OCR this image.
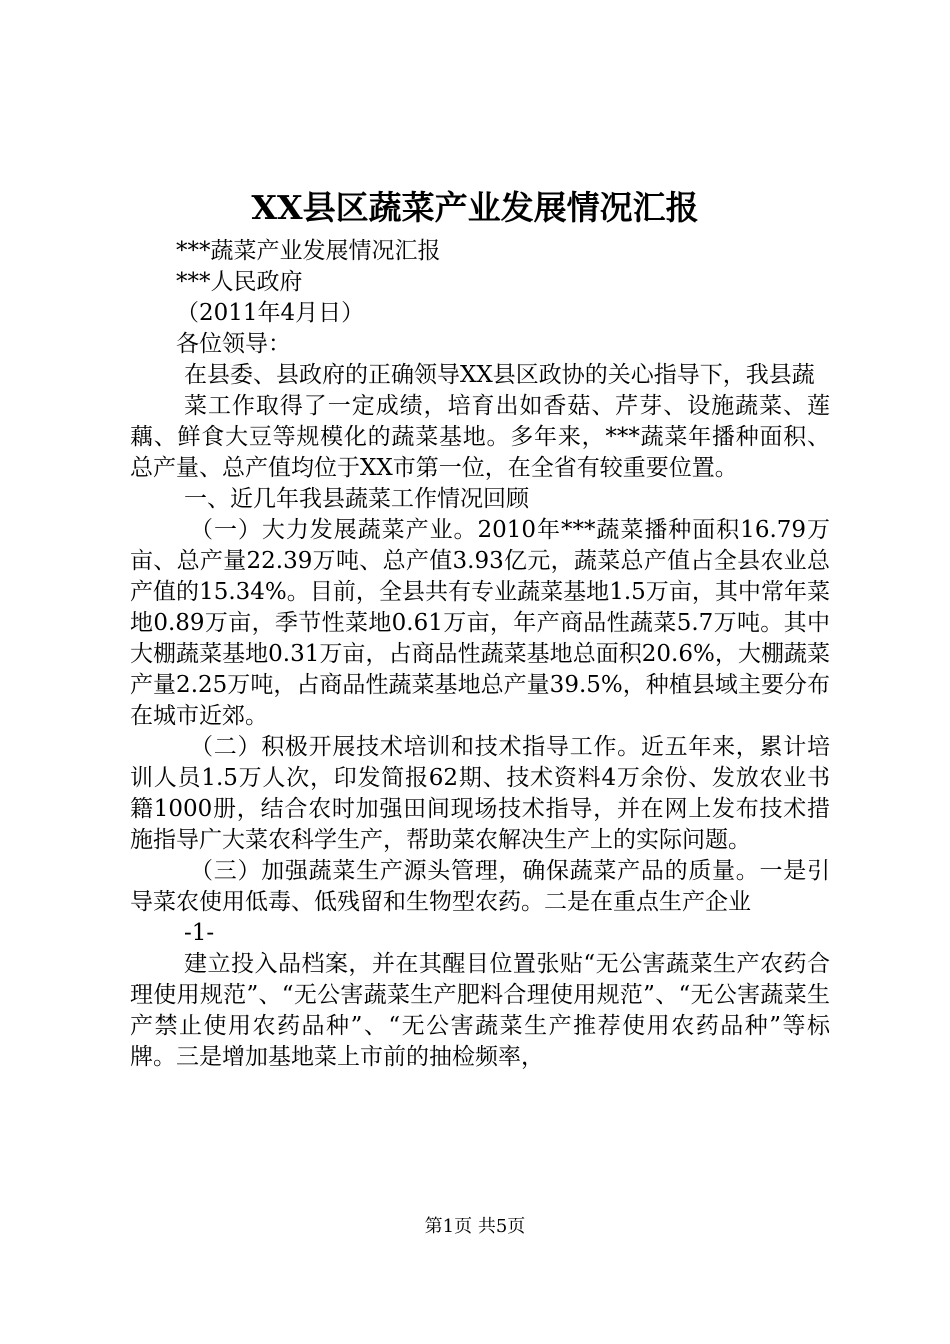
XX县区蔬菜产业发展情况汇报

***蔬菜产业发展情况汇报

***人民政府

（2011年4月日）

各位领导：

在县委、县政府的正确领导XX县区政协的关心指导下，我县蔬

菜工作取得了一定成绩，培育出如香菇、芹芽、设施蔬菜、莲藕、鲜食大豆等规模化的蔬菜基地。多年来，***蔬菜年播种面积、总产量、总产值均位于XX市第一位，在全省有较重要位置。

一、近几年我县蔬菜工作情况回顾

（一）大力发展蔬菜产业。2010年***蔬菜播种面积16.79万亩、总产量22.39万吨、总产值3.93亿元，蔬菜总产值占全县农业总产值的15.34%。目前，全县共有专业蔬菜基地1.5万亩，其中常年菜地0.89万亩，季节性菜地0.61万亩，年产商品性蔬菜5.7万吨。其中大棚蔬菜基地0.31万亩，占商品性蔬菜基地总面积20.6%，大棚蔬菜产量2.25万吨，占商品性蔬菜基地总产量39.5%，种植县域主要分布在城市近郊。

（二）积极开展技术培训和技术指导工作。近五年来，累计培训人员1.5万人次，印发简报62期、技术资料4万余份、发放农业书籍1000册，结合农时加强田间现场技术指导，并在网上发布技术措施指导广大菜农科学生产，帮助菜农解决生产上的实际问题。

（三）加强蔬菜生产源头管理，确保蔬菜产品的质量。一是引导菜农使用低毒、低残留和生物型农药。二是在重点生产企业

-1-

建立投入品档案，并在其醒目位置张贴“无公害蔬菜生产农药合理使用规范”、“无公害蔬菜生产肥料合理使用规范”、“无公害蔬菜生产禁止使用农药品种”、“无公害蔬菜生产推荐使用农药品种”等标牌。三是增加基地菜上市前的抽检频率，

第1页 共5页
